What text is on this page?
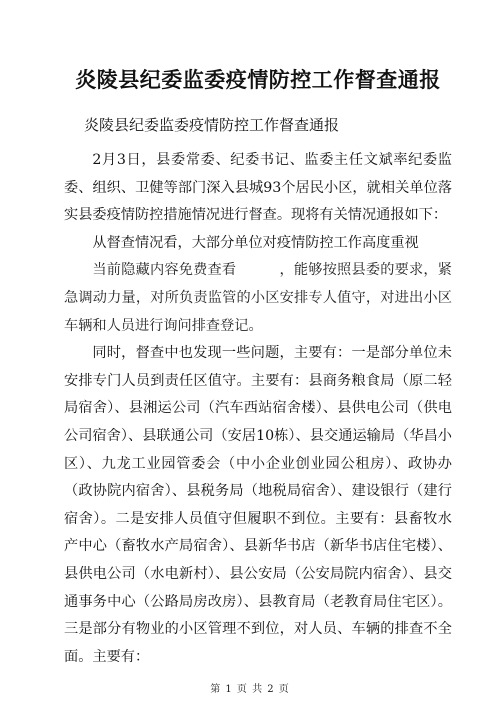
炎陵县纪委监委疫情防控工作督查通报
炎陵县纪委监委疫情防控工作督查通报

2月3日，县委常委、纪委书记、监委主任文斌率纪委监委、组织、卫健等部门深入县城93个居民小区，就相关单位落实县委疫情防控措施情况进行督查。现将有关情况通报如下：

从督查情况看，大部分单位对疫情防控工作高度重视

当前隐藏内容免费查看　　　，能够按照县委的要求，紧急调动力量，对所负责监管的小区安排专人值守，对进出小区车辆和人员进行询问排查登记。

同时，督查中也发现一些问题，主要有：一是部分单位未安排专门人员到责任区值守。主要有：县商务粮食局（原二轻局宿舍）、县湘运公司（汽车西站宿舍楼）、县供电公司（供电公司宿舍）、县联通公司（安居10栋）、县交通运输局（华昌小区）、九龙工业园管委会（中小企业创业园公租房）、政协办（政协院内宿舍）、县税务局（地税局宿舍）、建设银行（建行宿舍）。二是安排人员值守但履职不到位。主要有：县畜牧水产中心（畜牧水产局宿舍）、县新华书店（新华书店住宅楼）、县供电公司（水电新村）、县公安局（公安局院内宿舍）、县交通事务中心（公路局房改房）、县教育局（老教育局住宅区）。三是部分有物业的小区管理不到位，对人员、车辆的排查不全面。主要有：

第 1 页 共 2 页
